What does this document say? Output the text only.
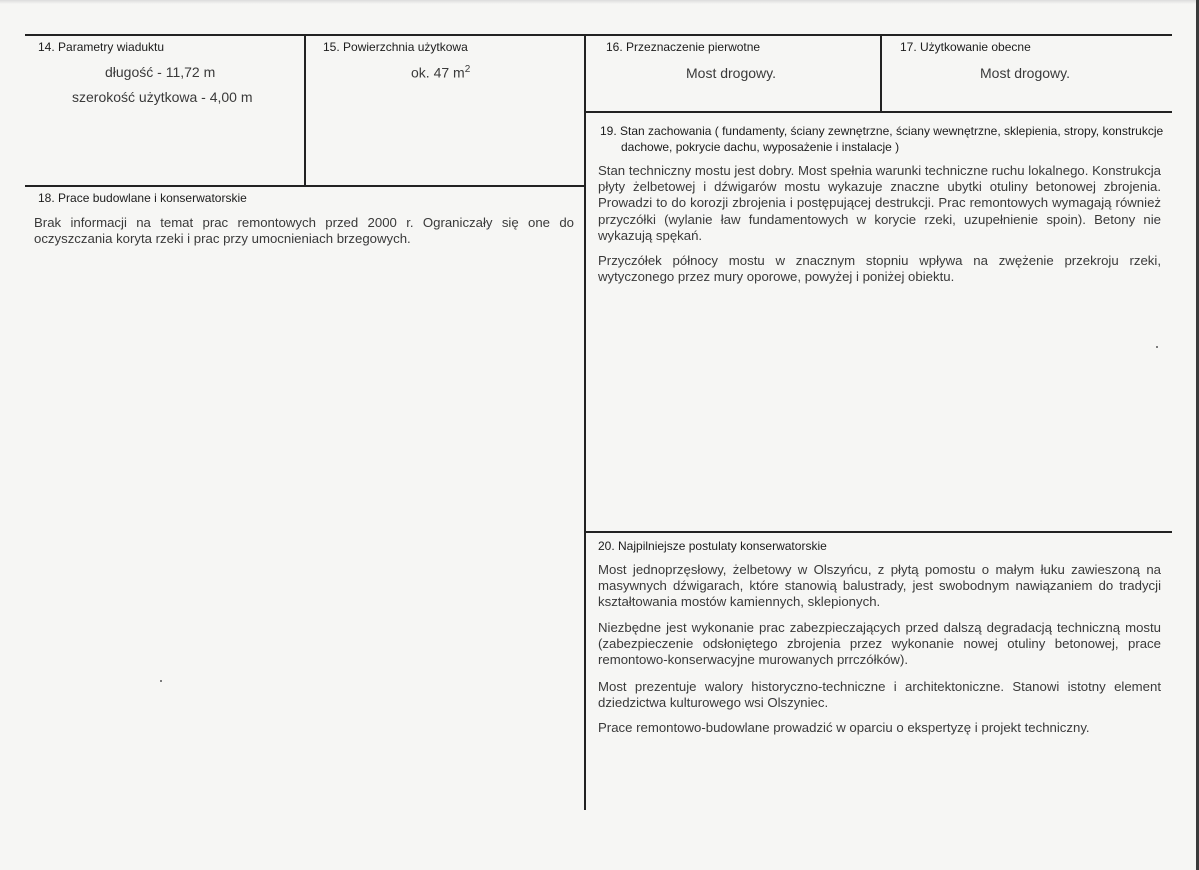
14. Parametry wiaduktu
długość - 11,72 m
szerokość użytkowa - 4,00 m
15. Powierzchnia użytkowa
ok. 47 $m^2$
16. Przeznaczenie pierwotne
Most drogowy.
17. Użytkowanie obecne
Most drogowy.
18. Prace budowlane i konserwatorskie

Brak informacji na temat prac remontowych przed 2000 r. Ograniczały się one do oczyszczania koryta rzeki i prac przy umocnieniach brzegowych.

19. Stan zachowania ( fundamenty, ściany zewnętrzne, ściany wewnętrzne, sklepienia, stropy, konstrukcje dachowe, pokrycie dachu, wyposażenie i instalacje )

Stan techniczny mostu jest dobry. Most spełnia warunki techniczne ruchu lokalnego. Konstrukcja płyty żelbetowej i dźwigarów mostu wykazuje znaczne ubytki otuliny betonowej zbrojenia. Prowadzi to do korozji zbrojenia i postępującej destrukcji. Prac remontowych wymagają również przyczółki (wylanie ław fundamentowych w korycie rzeki, uzupełnienie spoin). Betony nie wykazują spękań.

Przyczółek północy mostu w znacznym stopniu wpływa na zwężenie przekroju rzeki, wytyczonego przez mury oporowe, powyżej i poniżej obiektu.

20. Najpilniejsze postulaty konserwatorskie

Most jednoprzęsłowy, żelbetowy w Olszyńcu, z płytą pomostu o małym łuku zawieszoną na masywnych dźwigarach, które stanowią balustrady, jest swobodnym nawiązaniem do tradycji kształtowania mostów kamiennych, sklepionych.

Niezbędne jest wykonanie prac zabezpieczających przed dalszą degradacją techniczną mostu (zabezpieczenie odsłoniętego zbrojenia przez wykonanie nowej otuliny betonowej, prace remontowo-konserwacyjne murowanych prrczółków).

Most prezentuje walory historyczno-techniczne i architektoniczne. Stanowi istotny element dziedzictwa kulturowego wsi Olszyniec.

Prace remontowo-budowlane prowadzić w oparciu o ekspertyzę i projekt techniczny.
